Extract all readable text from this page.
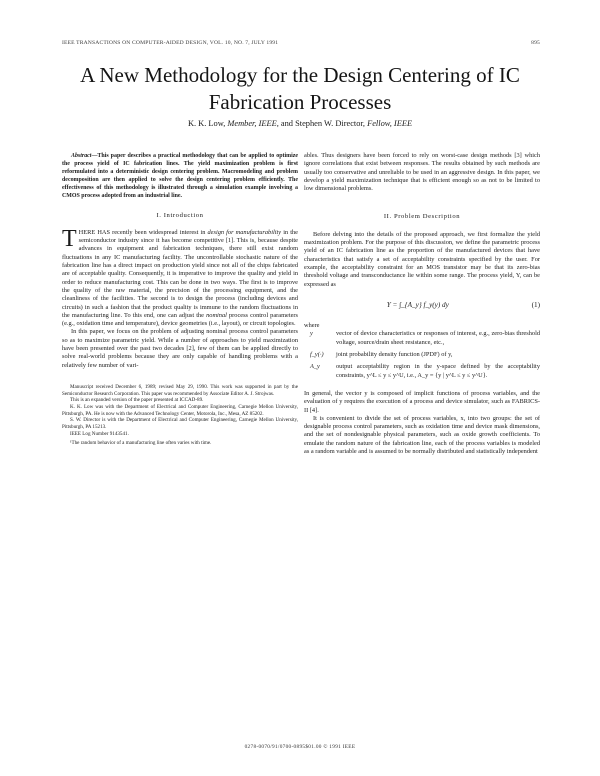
IEEE TRANSACTIONS ON COMPUTER-AIDED DESIGN, VOL. 10, NO. 7, JULY 1991	895
A New Methodology for the Design Centering of IC Fabrication Processes
K. K. Low, Member, IEEE, and Stephen W. Director, Fellow, IEEE

Abstract—This paper describes a practical methodology that can be applied to optimize the process yield of IC fabrication lines. The yield maximization problem is first reformulated into a deterministic design centering problem. Macromodeling and problem decomposition are then applied to solve the design centering problem efficiently. The effectiveness of this methodology is illustrated through a simulation example involving a CMOS process adopted from an industrial line.

I. Introduction

THERE HAS recently been widespread interest in design for manufacturability in the semiconductor industry since it has become competitive [1]. This is, because despite advances in equipment and fabrication techniques, there still exist random fluctuations in any IC manufacturing facility. The uncontrollable stochastic nature of the fabrication line has a direct impact on production yield since not all of the chips fabricated are of acceptable quality. Consequently, it is imperative to improve the quality and yield in order to reduce manufacturing cost. This can be done in two ways. The first is to improve the quality of the raw material, the precision of the processing equipment, and the cleanliness of the facilities. The second is to design the process (including devices and circuits) in such a fashion that the product quality is immune to the random fluctuations in the manufacturing line. To this end, one can adjust the nominal process control parameters (e.g., oxidation time and temperature), device geometries (i.e., layout), or circuit topologies.

In this paper, we focus on the problem of adjusting nominal process control parameters so as to maximize parametric yield. While a number of approaches to yield maximization have been presented over the past two decades [2], few of them can be applied directly to solve real-world problems because they are only capable of handling problems with a relatively few number of vari-

Manuscript received December 6, 1989; revised May 29, 1990. This work was supported in part by the Semiconductor Research Corporation. This paper was recommended by Associate Editor A. J. Strojwas.

This is an expanded version of the paper presented at ICCAD-89.

K. K. Low was with the Department of Electrical and Computer Engineering, Carnegie Mellon University, Pittsburgh, PA. He is now with the Advanced Technology Center, Motorola, Inc., Mesa, AZ 85202.

S. W. Director is with the Department of Electrical and Computer Engineering, Carnegie Mellon University, Pittsburgh, PA 15213.

IEEE Log Number 9143541.

¹The random behavior of a manufacturing line often varies with time.

ables. Thus designers have been forced to rely on worst-case design methods [3] which ignore correlations that exist between responses. The results obtained by such methods are usually too conservative and unreliable to be used in an aggressive design. In this paper, we develop a yield maximization technique that is efficient enough so as not to be limited to low dimensional problems.

II. Problem Description

Before delving into the details of the proposed approach, we first formalize the yield maximization problem. For the purpose of this discussion, we define the parametric process yield of an IC fabrication line as the proportion of the manufactured devices that have characteristics that satisfy a set of acceptability constraints specified by the user. For example, the acceptability constraint for an MOS transistor may be that its zero-bias threshold voltage and transconductance lie within some range. The process yield, Y, can be expressed as

Y = ∫_{A_y} f_y(y) dy	(1)

where

y	vector of device characteristics or responses of interest, e.g., zero-bias threshold voltage, source/drain sheet resistance, etc.,
f_y(·)	joint probability density function (JPDF) of y,
A_y	output acceptability region in the y-space defined by the acceptability constraints, y^L ≤ y ≤ y^U, i.e., A_y = {y | y^L ≤ y ≤ y^U}.

In general, the vector y is composed of implicit functions of process variables, and the evaluation of y requires the execution of a process and device simulator, such as FABRICS-II [4].

It is convenient to divide the set of process variables, x, into two groups: the set of designable process control parameters, such as oxidation time and device mask dimensions, and the set of nondesignable physical parameters, such as oxide growth coefficients. To emulate the random nature of the fabrication line, each of the process variables is modeled as a random variable and is assumed to be normally distributed and statistically independent

0278-0070/91/0700-0895$01.00 © 1991 IEEE
